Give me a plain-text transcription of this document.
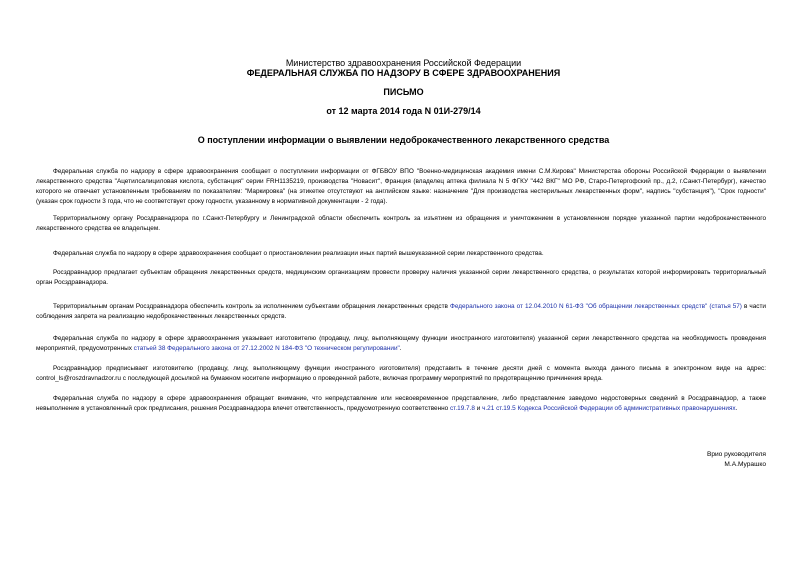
Министерство здравоохранения Российской Федерации
ФЕДЕРАЛЬНАЯ СЛУЖБА ПО НАДЗОРУ В СФЕРЕ ЗДРАВООХРАНЕНИЯ
ПИСЬМО
от 12 марта 2014 года N 01И-279/14
О поступлении информации о выявлении недоброкачественного лекарственного средства
Федеральная служба по надзору в сфере здравоохранения сообщает о поступлении информации от ФГБВОУ ВПО "Военно-медицинская академия имени С.М.Кирова" Министерства обороны Российской Федерации о выявлении лекарственного средства "Ацетилсалициловая кислота, субстанция" серии FRH1135219, производства "Новасит", Франция (владелец аптека филиала N 5 ФГКУ "442 ВКГ" МО РФ, Старо-Петергофский пр., д.2, г.Санкт-Петербург), качество которого не отвечает установленным требованиям по показателям: "Маркировка" (на этикетке отсутствуют на английском языке: назначение "Для производства нестерильных лекарственных форм", надпись "субстанция"), "Срок годности" (указан срок годности 3 года, что не соответствует сроку годности, указанному в нормативной документации - 2 года).
Территориальному органу Росздравнадзора по г.Санкт-Петербургу и Ленинградской области обеспечить контроль за изъятием из обращения и уничтожением в установленном порядке указанной партии недоброкачественного лекарственного средства ее владельцем.
Федеральная служба по надзору в сфере здравоохранения сообщает о приостановлении реализации иных партий вышеуказанной серии лекарственного средства.
Росздравнадзор предлагает субъектам обращения лекарственных средств, медицинским организациям провести проверку наличия указанной серии лекарственного средства, о результатах которой информировать территориальный орган Росздравнадзора.
Территориальным органам Росздравнадзора обеспечить контроль за исполнением субъектами обращения лекарственных средств Федерального закона от 12.04.2010 N 61-ФЗ "Об обращении лекарственных средств" (статья 57) в части соблюдения запрета на реализацию недоброкачественных лекарственных средств.
Федеральная служба по надзору в сфере здравоохранения указывает изготовителю (продавцу, лицу, выполняющему функции иностранного изготовителя) указанной серии лекарственного средства на необходимость проведения мероприятий, предусмотренных статьей 38 Федерального закона от 27.12.2002 N 184-ФЗ "О техническом регулировании".
Росздравнадзор предписывает изготовителю (продавцу, лицу, выполняющему функции иностранного изготовителя) представить в течение десяти дней с момента выхода данного письма в электронном виде на адрес: control_ls@roszdravnadzor.ru с последующей досылкой на бумажном носителе информацию о проведенной работе, включая программу мероприятий по предотвращению причинения вреда.
Федеральная служба по надзору в сфере здравоохранения обращает внимание, что непредставление или несвоевременное представление, либо представление заведомо недостоверных сведений в Росздравнадзор, а также невыполнение в установленный срок предписания, решения Росздравнадзора влечет ответственность, предусмотренную соответственно ст.19.7.8 и ч.21 ст.19.5 Кодекса Российской Федерации об административных правонарушениях.
Врио руководителя
М.А.Мурашко
